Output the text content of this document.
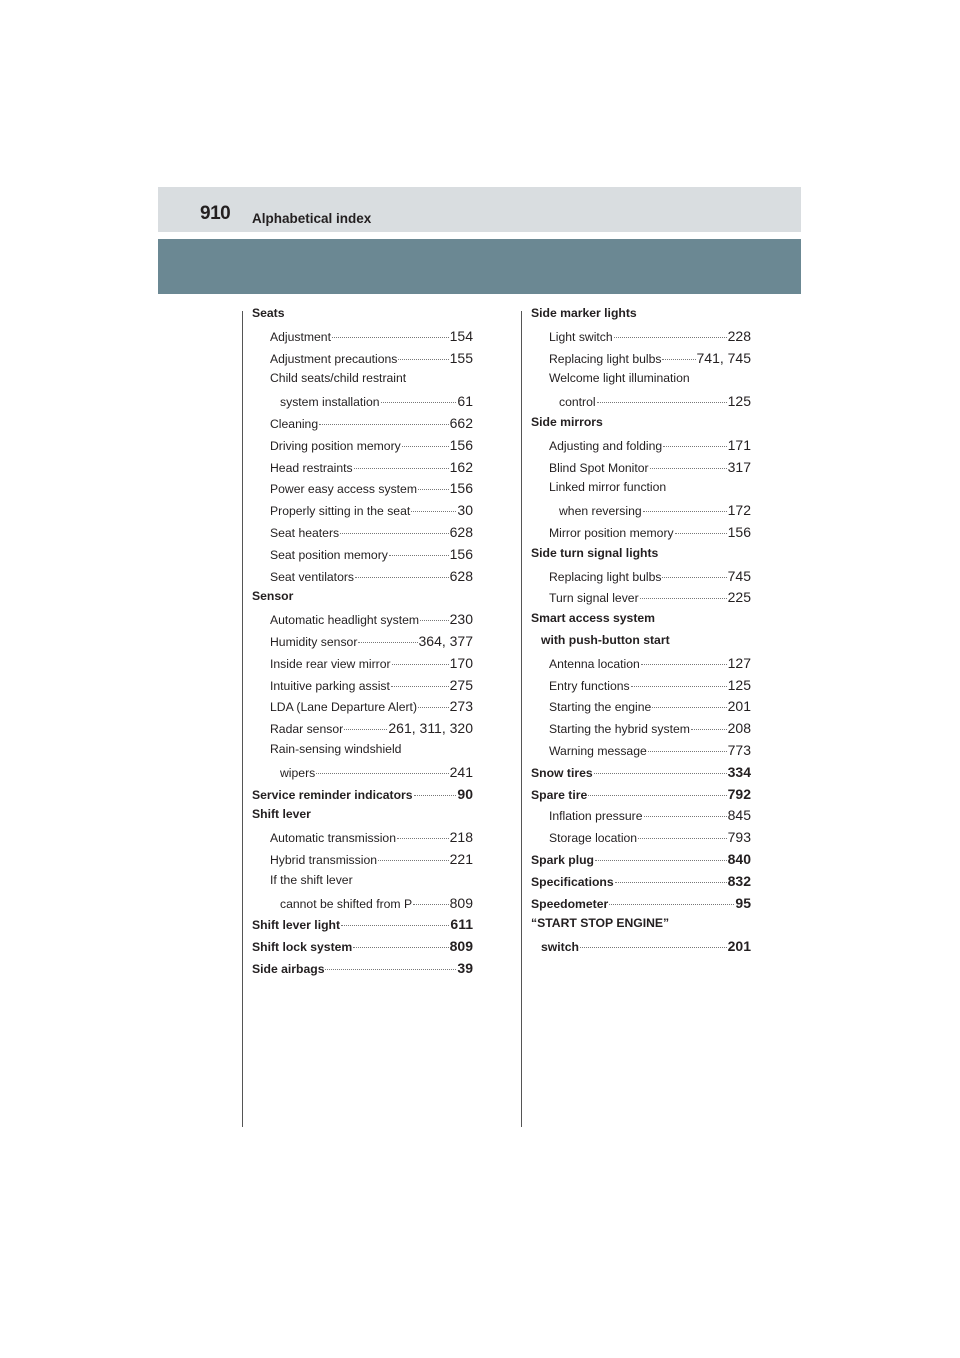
910 Alphabetical index
Seats
Adjustment	154
Adjustment precautions	155
Child seats/child restraint
system installation	61
Cleaning	662
Driving position memory	156
Head restraints	162
Power easy access system 156
Properly sitting in the seat	30
Seat heaters	628
Seat position memory	156
Seat ventilators	628
Sensor
Automatic headlight system 230
Humidity sensor	364, 377
Inside rear view mirror	170
Intuitive parking assist	275
LDA (Lane Departure Alert) 273
Radar sensor	261, 311, 320
Rain-sensing windshield
wipers	241
Service reminder indicators	90
Shift lever
Automatic transmission	218
Hybrid transmission	221
If the shift lever
cannot be shifted from P	809
Shift lever light	611
Shift lock system	809
Side airbags	39
Side marker lights
Light switch	228
Replacing light bulbs	741, 745
Welcome light illumination
control	125
Side mirrors
Adjusting and folding	171
Blind Spot Monitor	317
Linked mirror function
when reversing	172
Mirror position memory	156
Side turn signal lights
Replacing light bulbs	745
Turn signal lever	225
Smart access system
with push-button start
Antenna location	127
Entry functions	125
Starting the engine	201
Starting the hybrid system	208
Warning message	773
Snow tires	334
Spare tire	792
Inflation pressure	845
Storage location	793
Spark plug	840
Specifications	832
Speedometer	95
“START STOP ENGINE”
switch	201
